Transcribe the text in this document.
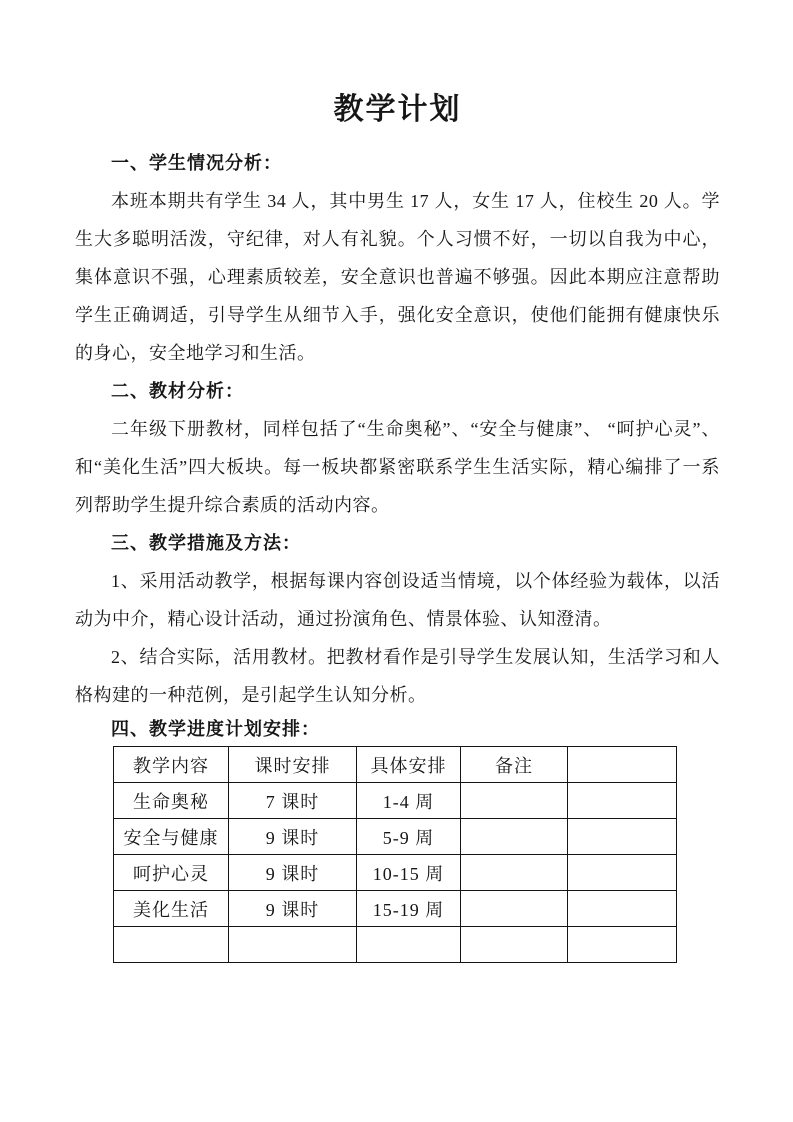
教学计划
一、学生情况分析：

本班本期共有学生 34 人，其中男生 17 人，女生 17 人，住校生 20 人。学生大多聪明活泼，守纪律，对人有礼貌。个人习惯不好，一切以自我为中心，集体意识不强，心理素质较差，安全意识也普遍不够强。因此本期应注意帮助学生正确调适，引导学生从细节入手，强化安全意识，使他们能拥有健康快乐的身心，安全地学习和生活。

二、教材分析：

二年级下册教材，同样包括了“生命奥秘”、“安全与健康”、 “呵护心灵”、和“美化生活”四大板块。每一板块都紧密联系学生生活实际，精心编排了一系列帮助学生提升综合素质的活动内容。

三、教学措施及方法：

1、采用活动教学，根据每课内容创设适当情境，以个体经验为载体，以活动为中介，精心设计活动，通过扮演角色、情景体验、认知澄清。

2、结合实际，活用教材。把教材看作是引导学生发展认知，生活学习和人格构建的一种范例，是引起学生认知分析。

四、教学进度计划安排：
教学内容	课时安排	具体安排	备注	
生命奥秘	7 课时	1-4 周		
安全与健康	9 课时	5-9 周		
呵护心灵	9 课时	10-15 周		
美化生活	9 课时	15-19 周		
